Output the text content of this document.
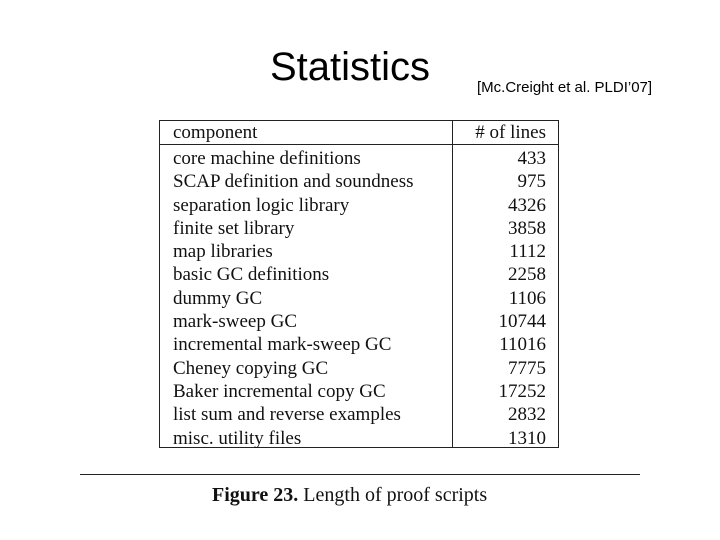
Statistics	[Mc.Creight et al. PLDI’07]
component	# of lines
core machine definitions	433
SCAP definition and soundness	975
separation logic library	4326
finite set library	3858
map libraries	1112
basic GC definitions	2258
dummy GC	1106
mark-sweep GC	10744
incremental mark-sweep GC	11016
Cheney copying GC	7775
Baker incremental copy GC	17252
list sum and reverse examples	2832
misc. utility files	1310
Figure 23. Length of proof scripts
